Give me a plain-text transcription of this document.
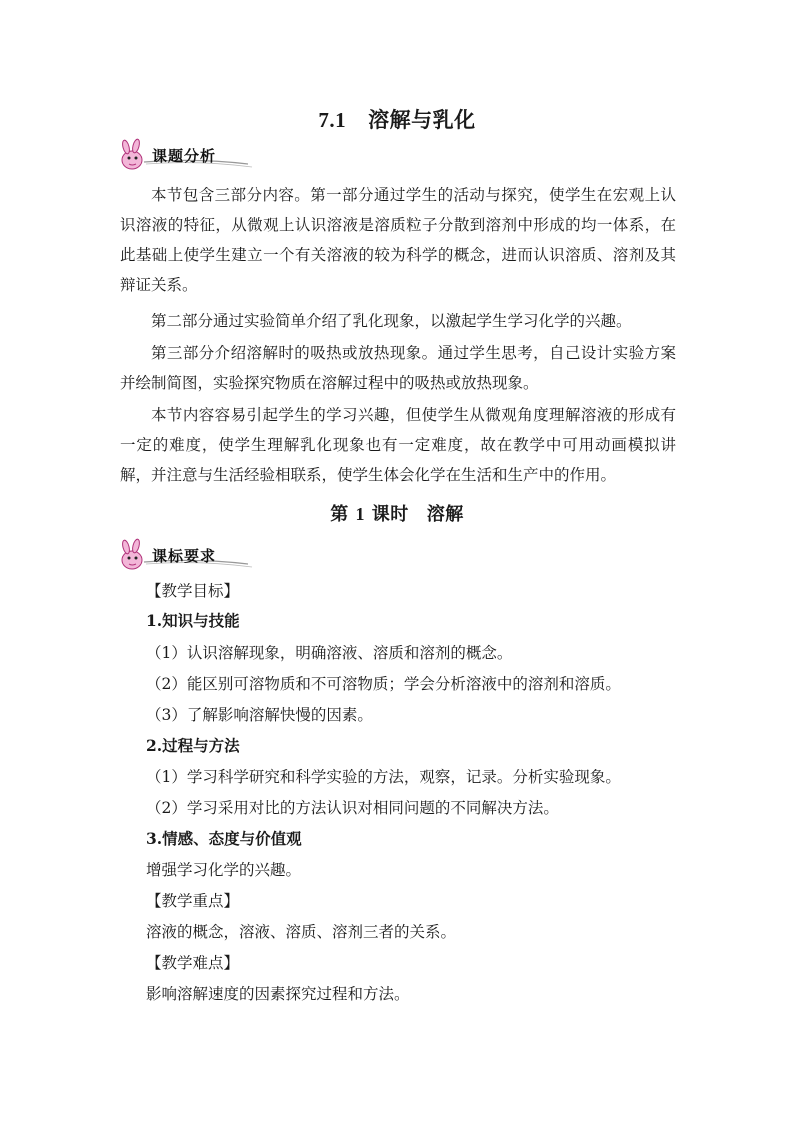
7.1 溶解与乳化
课题分析

本节包含三部分内容。第一部分通过学生的活动与探究，使学生在宏观上认识溶液的特征，从微观上认识溶液是溶质粒子分散到溶剂中形成的均一体系，在此基础上使学生建立一个有关溶液的较为科学的概念，进而认识溶质、溶剂及其辩证关系。

第二部分通过实验简单介绍了乳化现象，以激起学生学习化学的兴趣。

第三部分介绍溶解时的吸热或放热现象。通过学生思考，自己设计实验方案并绘制简图，实验探究物质在溶解过程中的吸热或放热现象。

本节内容容易引起学生的学习兴趣，但使学生从微观角度理解溶液的形成有一定的难度，使学生理解乳化现象也有一定难度，故在教学中可用动画模拟讲解，并注意与生活经验相联系，使学生体会化学在生活和生产中的作用。

第 1 课时 溶解
课标要求
【教学目标】
1.知识与技能
（1）认识溶解现象，明确溶液、溶质和溶剂的概念。
（2）能区别可溶物质和不可溶物质；学会分析溶液中的溶剂和溶质。
（3）了解影响溶解快慢的因素。
2.过程与方法
（1）学习科学研究和科学实验的方法，观察，记录。分析实验现象。
（2）学习采用对比的方法认识对相同问题的不同解决方法。
3.情感、态度与价值观
增强学习化学的兴趣。
【教学重点】
溶液的概念，溶液、溶质、溶剂三者的关系。
【教学难点】
影响溶解速度的因素探究过程和方法。
